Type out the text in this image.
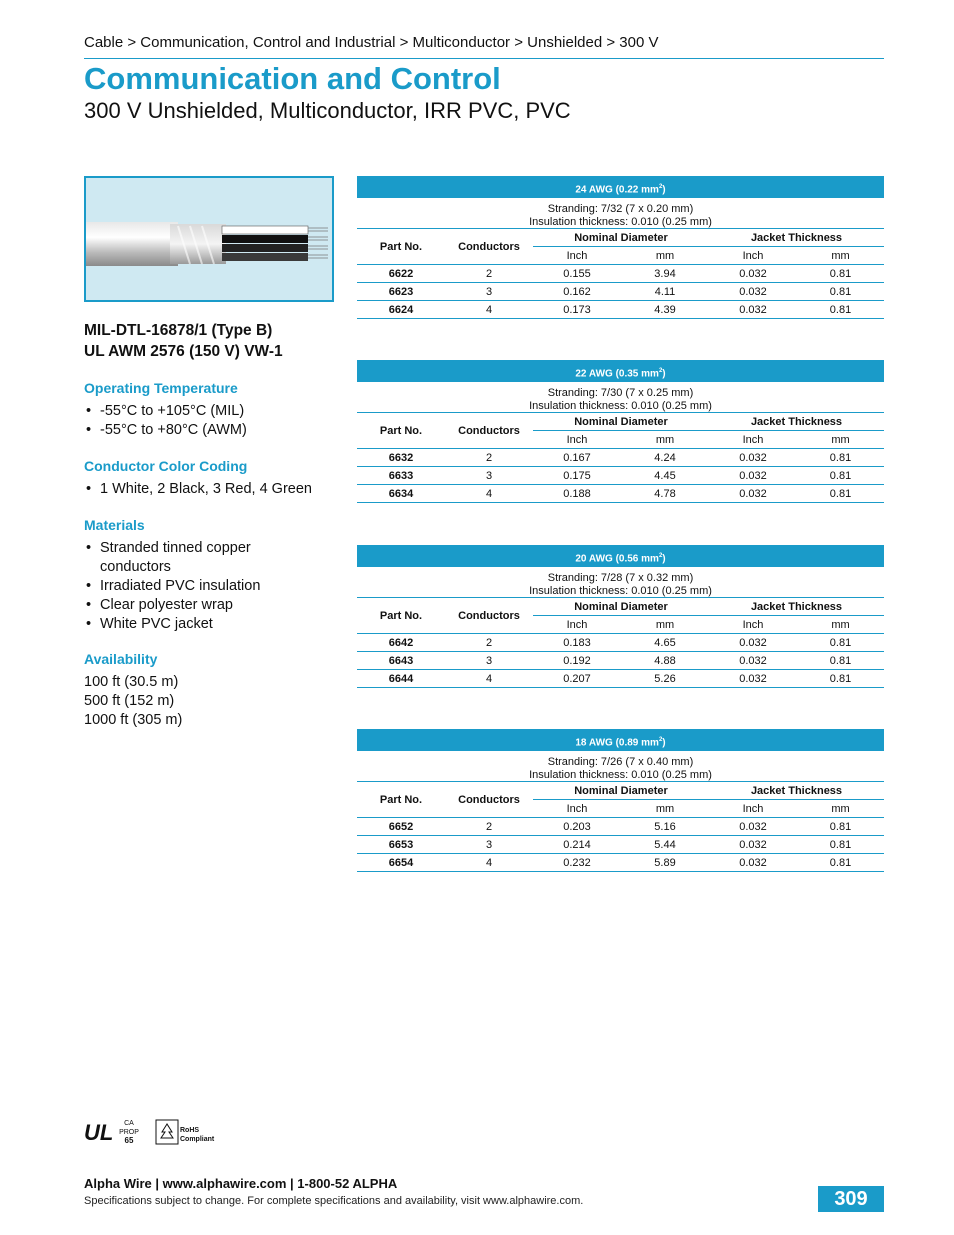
Cable > Communication, Control and Industrial > Multiconductor > Unshielded > 300 V
Communication and Control
300 V Unshielded, Multiconductor, IRR PVC, PVC
MIL-DTL-16878/1 (Type B)
UL AWM 2576 (150 V) VW-1
Operating Temperature
• -55°C to +105°C (MIL)
• -55°C to +80°C (AWM)
Conductor Color Coding
• 1 White, 2 Black, 3 Red, 4 Green
Materials
• Stranded tinned copper conductors
• Irradiated PVC insulation
• Clear polyester wrap
• White PVC jacket
Availability
100 ft (30.5 m)
500 ft (152 m)
1000 ft (305 m)
24 AWG (0.22 $mm^2$)
Stranding: 7/32 (7 x 0.20 mm)
Insulation thickness: 0.010 (0.25 mm)
Part No.	Conductors	Nominal Diameter		Jacket Thickness	
		Inch	mm	Inch	mm
6622	2	0.155	3.94	0.032	0.81
6623	3	0.162	4.11	0.032	0.81
6624	4	0.173	4.39	0.032	0.81
22 AWG (0.35 $mm^2$)
Stranding: 7/30 (7 x 0.25 mm)
Insulation thickness: 0.010 (0.25 mm)
Part No.	Conductors	Nominal Diameter		Jacket Thickness	
		Inch	mm	Inch	mm
6632	2	0.167	4.24	0.032	0.81
6633	3	0.175	4.45	0.032	0.81
6634	4	0.188	4.78	0.032	0.81
20 AWG (0.56 $mm^2$)
Stranding: 7/28 (7 x 0.32 mm)
Insulation thickness: 0.010 (0.25 mm)
Part No.	Conductors	Nominal Diameter		Jacket Thickness	
		Inch	mm	Inch	mm
6642	2	0.183	4.65	0.032	0.81
6643	3	0.192	4.88	0.032	0.81
6644	4	0.207	5.26	0.032	0.81
18 AWG (0.89 $mm^2$)
Stranding: 7/26 (7 x 0.40 mm)
Insulation thickness: 0.010 (0.25 mm)
Part No.	Conductors	Nominal Diameter		Jacket Thickness	
		Inch	mm	Inch	mm
6652	2	0.203	5.16	0.032	0.81
6653	3	0.214	5.44	0.032	0.81
6654	4	0.232	5.89	0.032	0.81
UL CA
PROP
65
RoHS
Compliant
Alpha Wire | www.alphawire.com | 1-800-52 ALPHA
Specifications subject to change. For complete specifications and availability, visit www.alphawire.com.	309
